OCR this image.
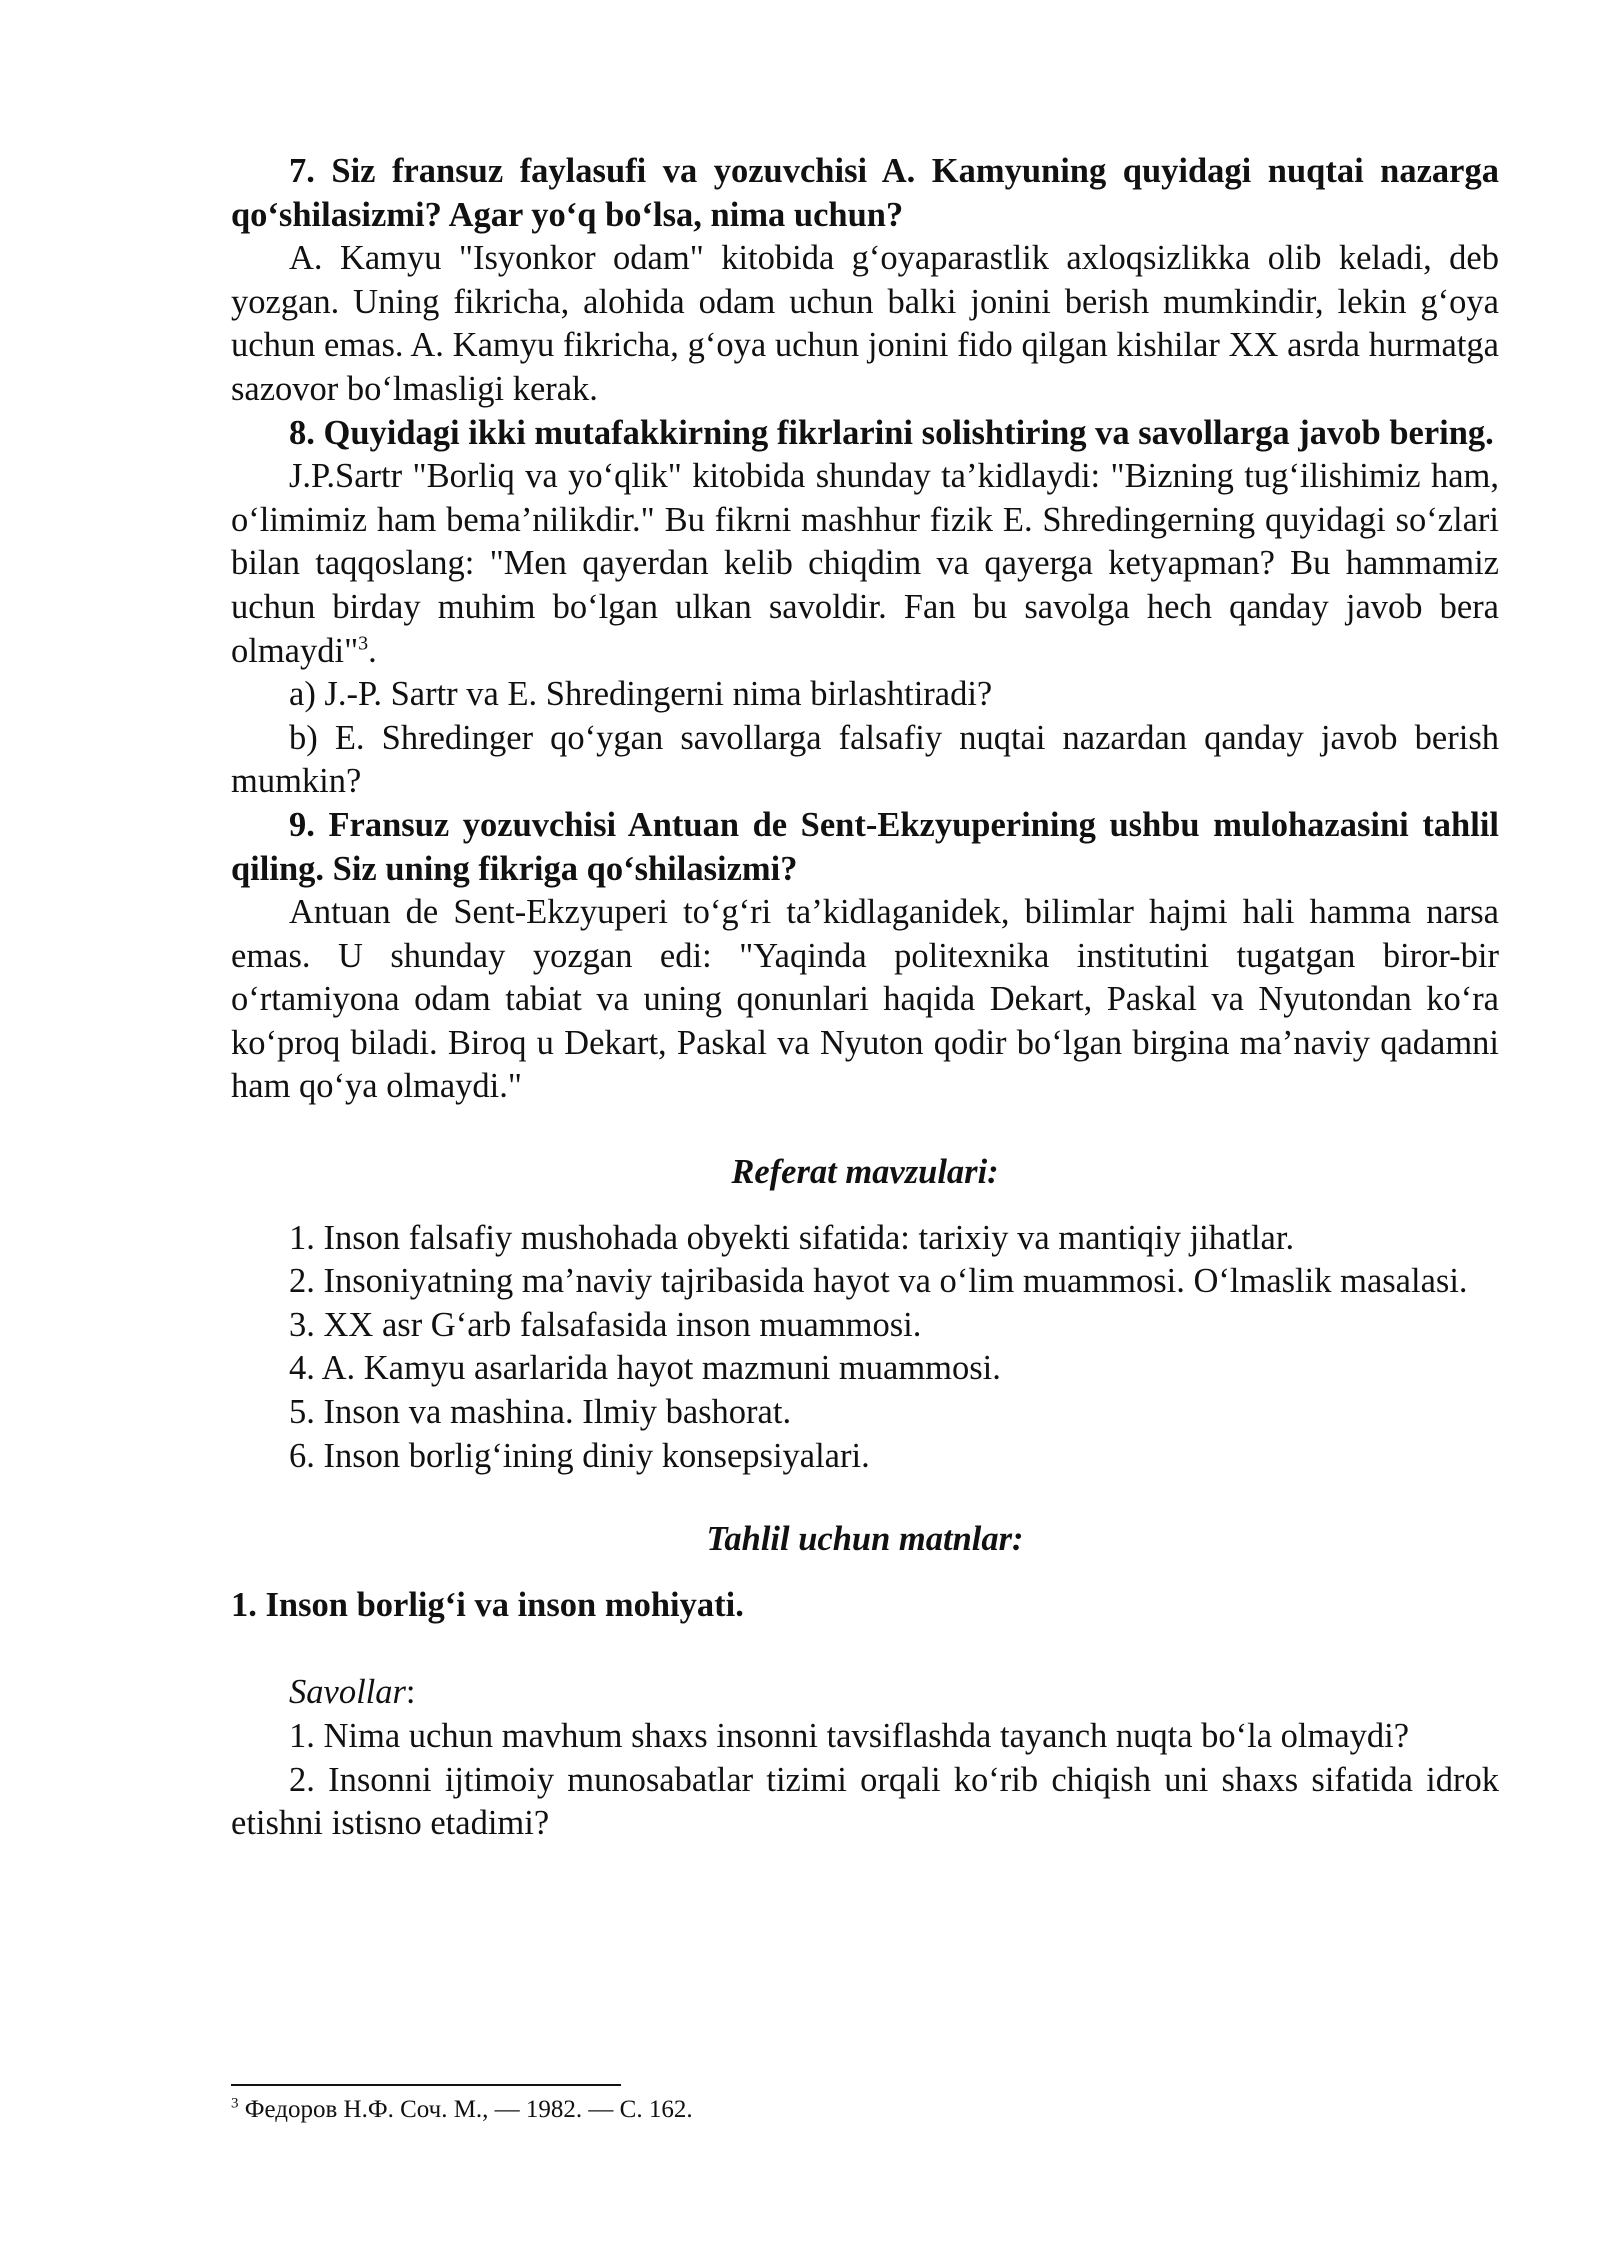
7. Siz fransuz faylasufi va yozuvchisi A. Kamyuning quyidagi nuqtai nazarga qo‘shilasizmi? Agar yo‘q bo‘lsa, nima uchun?

A. Kamyu "Isyonkor odam" kitobida g‘oyaparastlik axloqsizlikka olib keladi, deb yozgan. Uning fikricha, alohida odam uchun balki jonini berish mumkindir, lekin g‘oya uchun emas. A. Kamyu fikricha, g‘oya uchun jonini fido qilgan kishilar XX asrda hurmatga sazovor bo‘lmasligi kerak.

8. Quyidagi ikki mutafakkirning fikrlarini solishtiring va savollarga javob bering.

J.P.Sartr "Borliq va yo‘qlik" kitobida shunday ta’kidlaydi: "Bizning tug‘ilishimiz ham, o‘limimiz ham bema’nilikdir." Bu fikrni mashhur fizik E. Shredingerning quyidagi so‘zlari bilan taqqoslang: "Men qayerdan kelib chiqdim va qayerga ketyapman? Bu hammamiz uchun birday muhim bo‘lgan ulkan savoldir. Fan bu savolga hech qanday javob bera olmaydi"$^3$.

a) J.-P. Sartr va E. Shredingerni nima birlashtiradi?

b) E. Shredinger qo‘ygan savollarga falsafiy nuqtai nazardan qanday javob berish mumkin?

9. Fransuz yozuvchisi Antuan de Sent-Ekzyuperining ushbu mulohazasini tahlil qiling. Siz uning fikriga qo‘shilasizmi?

Antuan de Sent-Ekzyuperi to‘g‘ri ta’kidlaganidek, bilimlar hajmi hali hamma narsa emas. U shunday yozgan edi: "Yaqinda politexnika institutini tugatgan biror-bir o‘rtamiyona odam tabiat va uning qonunlari haqida Dekart, Paskal va Nyutondan ko‘ra ko‘proq biladi. Biroq u Dekart, Paskal va Nyuton qodir bo‘lgan birgina ma’naviy qadamni ham qo‘ya olmaydi."

Referat mavzulari:

1. Inson falsafiy mushohada obyekti sifatida: tarixiy va mantiqiy jihatlar.

2. Insoniyatning ma’naviy tajribasida hayot va o‘lim muammosi. O‘lmaslik masalasi.

3. XX asr G‘arb falsafasida inson muammosi.

4. A. Kamyu asarlarida hayot mazmuni muammosi.

5. Inson va mashina. Ilmiy bashorat.

6. Inson borlig‘ining diniy konsepsiyalari.

Tahlil uchun matnlar:

1. Inson borlig‘i va inson mohiyati.

Savollar:

1. Nima uchun mavhum shaxs insonni tavsiflashda tayanch nuqta bo‘la olmaydi?

2. Insonni ijtimoiy munosabatlar tizimi orqali ko‘rib chiqish uni shaxs sifatida idrok etishni istisno etadimi?

$^3$ Федоров Н.Ф. Соч. М., — 1982. — С. 162.
